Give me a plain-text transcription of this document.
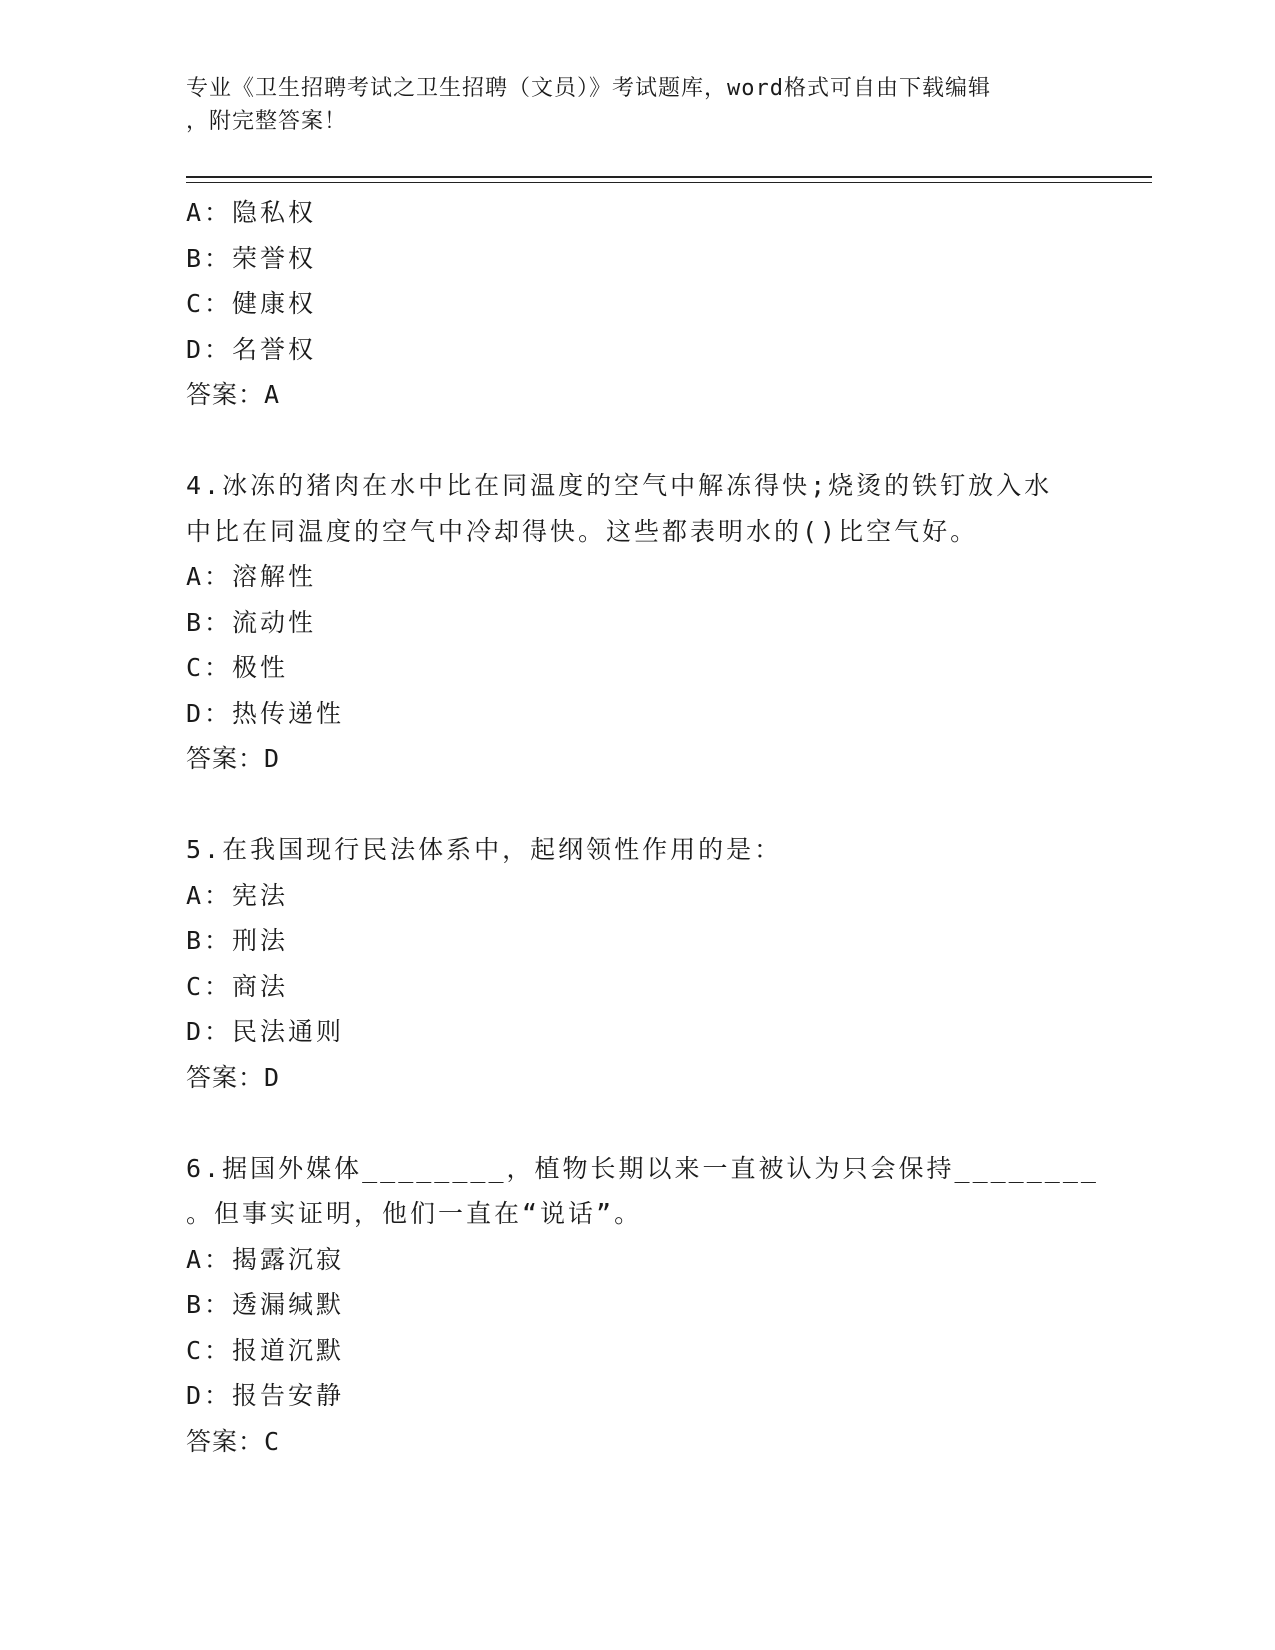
专业《卫生招聘考试之卫生招聘（文员）》考试题库，word格式可自由下载编辑
，附完整答案！
A：隐私权
B：荣誉权
C：健康权
D：名誉权
答案：A
4.冰冻的猪肉在水中比在同温度的空气中解冻得快;烧烫的铁钉放入水
中比在同温度的空气中冷却得快。这些都表明水的()比空气好。
A：溶解性
B：流动性
C：极性
D：热传递性
答案：D
5.在我国现行民法体系中，起纲领性作用的是：
A：宪法
B：刑法
C：商法
D：民法通则
答案：D
6.据国外媒体________，植物长期以来一直被认为只会保持________
。但事实证明，他们一直在“说话”。
A：揭露沉寂
B：透漏缄默
C：报道沉默
D：报告安静
答案：C
